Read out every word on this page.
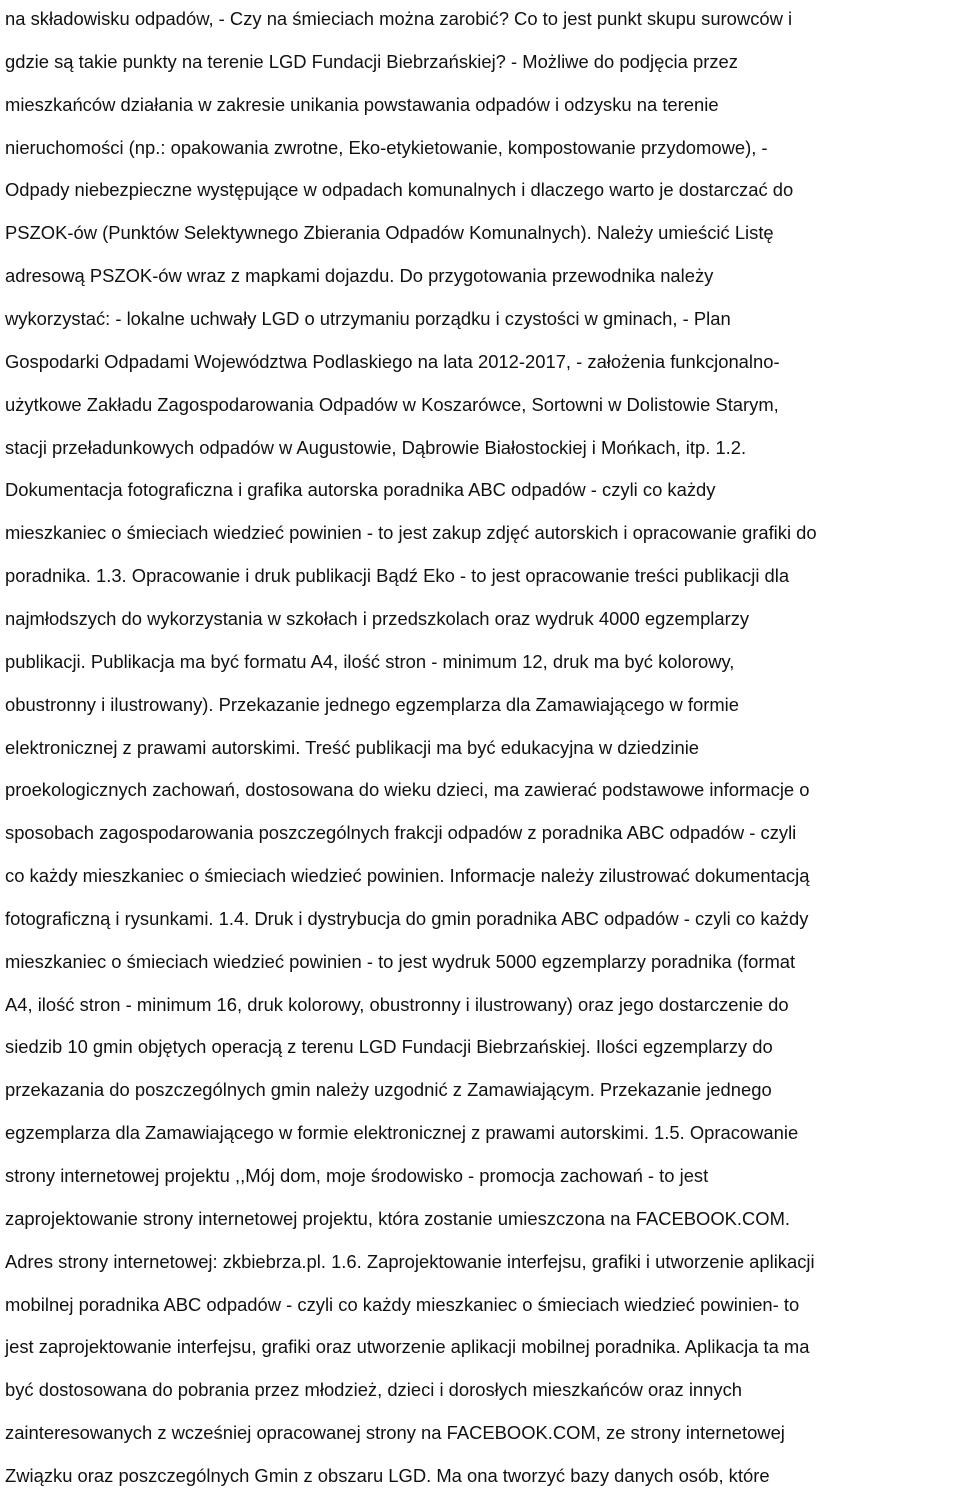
na składowisku odpadów, - Czy na śmieciach można zarobić? Co to jest punkt skupu surowców i
gdzie są takie punkty na terenie LGD Fundacji Biebrzańskiej? - Możliwe do podjęcia przez
mieszkańców działania w zakresie unikania powstawania odpadów i odzysku na terenie
nieruchomości (np.: opakowania zwrotne, Eko-etykietowanie, kompostowanie przydomowe), -
Odpady niebezpieczne występujące w odpadach komunalnych i dlaczego warto je dostarczać do
PSZOK-ów (Punktów Selektywnego Zbierania Odpadów Komunalnych). Należy umieścić Listę
adresową PSZOK-ów wraz z mapkami dojazdu. Do przygotowania przewodnika należy
wykorzystać: - lokalne uchwały LGD o utrzymaniu porządku i czystości w gminach, - Plan
Gospodarki Odpadami Województwa Podlaskiego na lata 2012-2017, - założenia funkcjonalno-
użytkowe Zakładu Zagospodarowania Odpadów w Koszarówce, Sortowni w Dolistowie Starym,
stacji przeładunkowych odpadów w Augustowie, Dąbrowie Białostockiej i Mońkach, itp. 1.2.
Dokumentacja fotograficzna i grafika autorska poradnika ABC odpadów - czyli co każdy
mieszkaniec o śmieciach wiedzieć powinien - to jest zakup zdjęć autorskich i opracowanie grafiki do
poradnika. 1.3. Opracowanie i druk publikacji Bądź Eko - to jest opracowanie treści publikacji dla
najmłodszych do wykorzystania w szkołach i przedszkolach oraz wydruk 4000 egzemplarzy
publikacji. Publikacja ma być formatu A4, ilość stron - minimum 12, druk ma być kolorowy,
obustronny i ilustrowany). Przekazanie jednego egzemplarza dla Zamawiającego w formie
elektronicznej z prawami autorskimi. Treść publikacji ma być edukacyjna w dziedzinie
proekologicznych zachowań, dostosowana do wieku dzieci, ma zawierać podstawowe informacje o
sposobach zagospodarowania poszczególnych frakcji odpadów z poradnika ABC odpadów - czyli
co każdy mieszkaniec o śmieciach wiedzieć powinien. Informacje należy zilustrować dokumentacją
fotograficzną i rysunkami. 1.4. Druk i dystrybucja do gmin poradnika ABC odpadów - czyli co każdy
mieszkaniec o śmieciach wiedzieć powinien - to jest wydruk 5000 egzemplarzy poradnika (format
A4, ilość stron - minimum 16, druk kolorowy, obustronny i ilustrowany) oraz jego dostarczenie do
siedzib 10 gmin objętych operacją z terenu LGD Fundacji Biebrzańskiej. Ilości egzemplarzy do
przekazania do poszczególnych gmin należy uzgodnić z Zamawiającym. Przekazanie jednego
egzemplarza dla Zamawiającego w formie elektronicznej z prawami autorskimi. 1.5. Opracowanie
strony internetowej projektu ,,Mój dom, moje środowisko - promocja zachowań - to jest
zaprojektowanie strony internetowej projektu, która zostanie umieszczona na FACEBOOK.COM.
Adres strony internetowej: zkbiebrza.pl. 1.6. Zaprojektowanie interfejsu, grafiki i utworzenie aplikacji
mobilnej poradnika ABC odpadów - czyli co każdy mieszkaniec o śmieciach wiedzieć powinien- to
jest zaprojektowanie interfejsu, grafiki oraz utworzenie aplikacji mobilnej poradnika. Aplikacja ta ma
być dostosowana do pobrania przez młodzież, dzieci i dorosłych mieszkańców oraz innych
zainteresowanych z wcześniej opracowanej strony na FACEBOOK.COM, ze strony internetowej
Związku oraz poszczególnych Gmin z obszaru LGD. Ma ona tworzyć bazy danych osób, które
